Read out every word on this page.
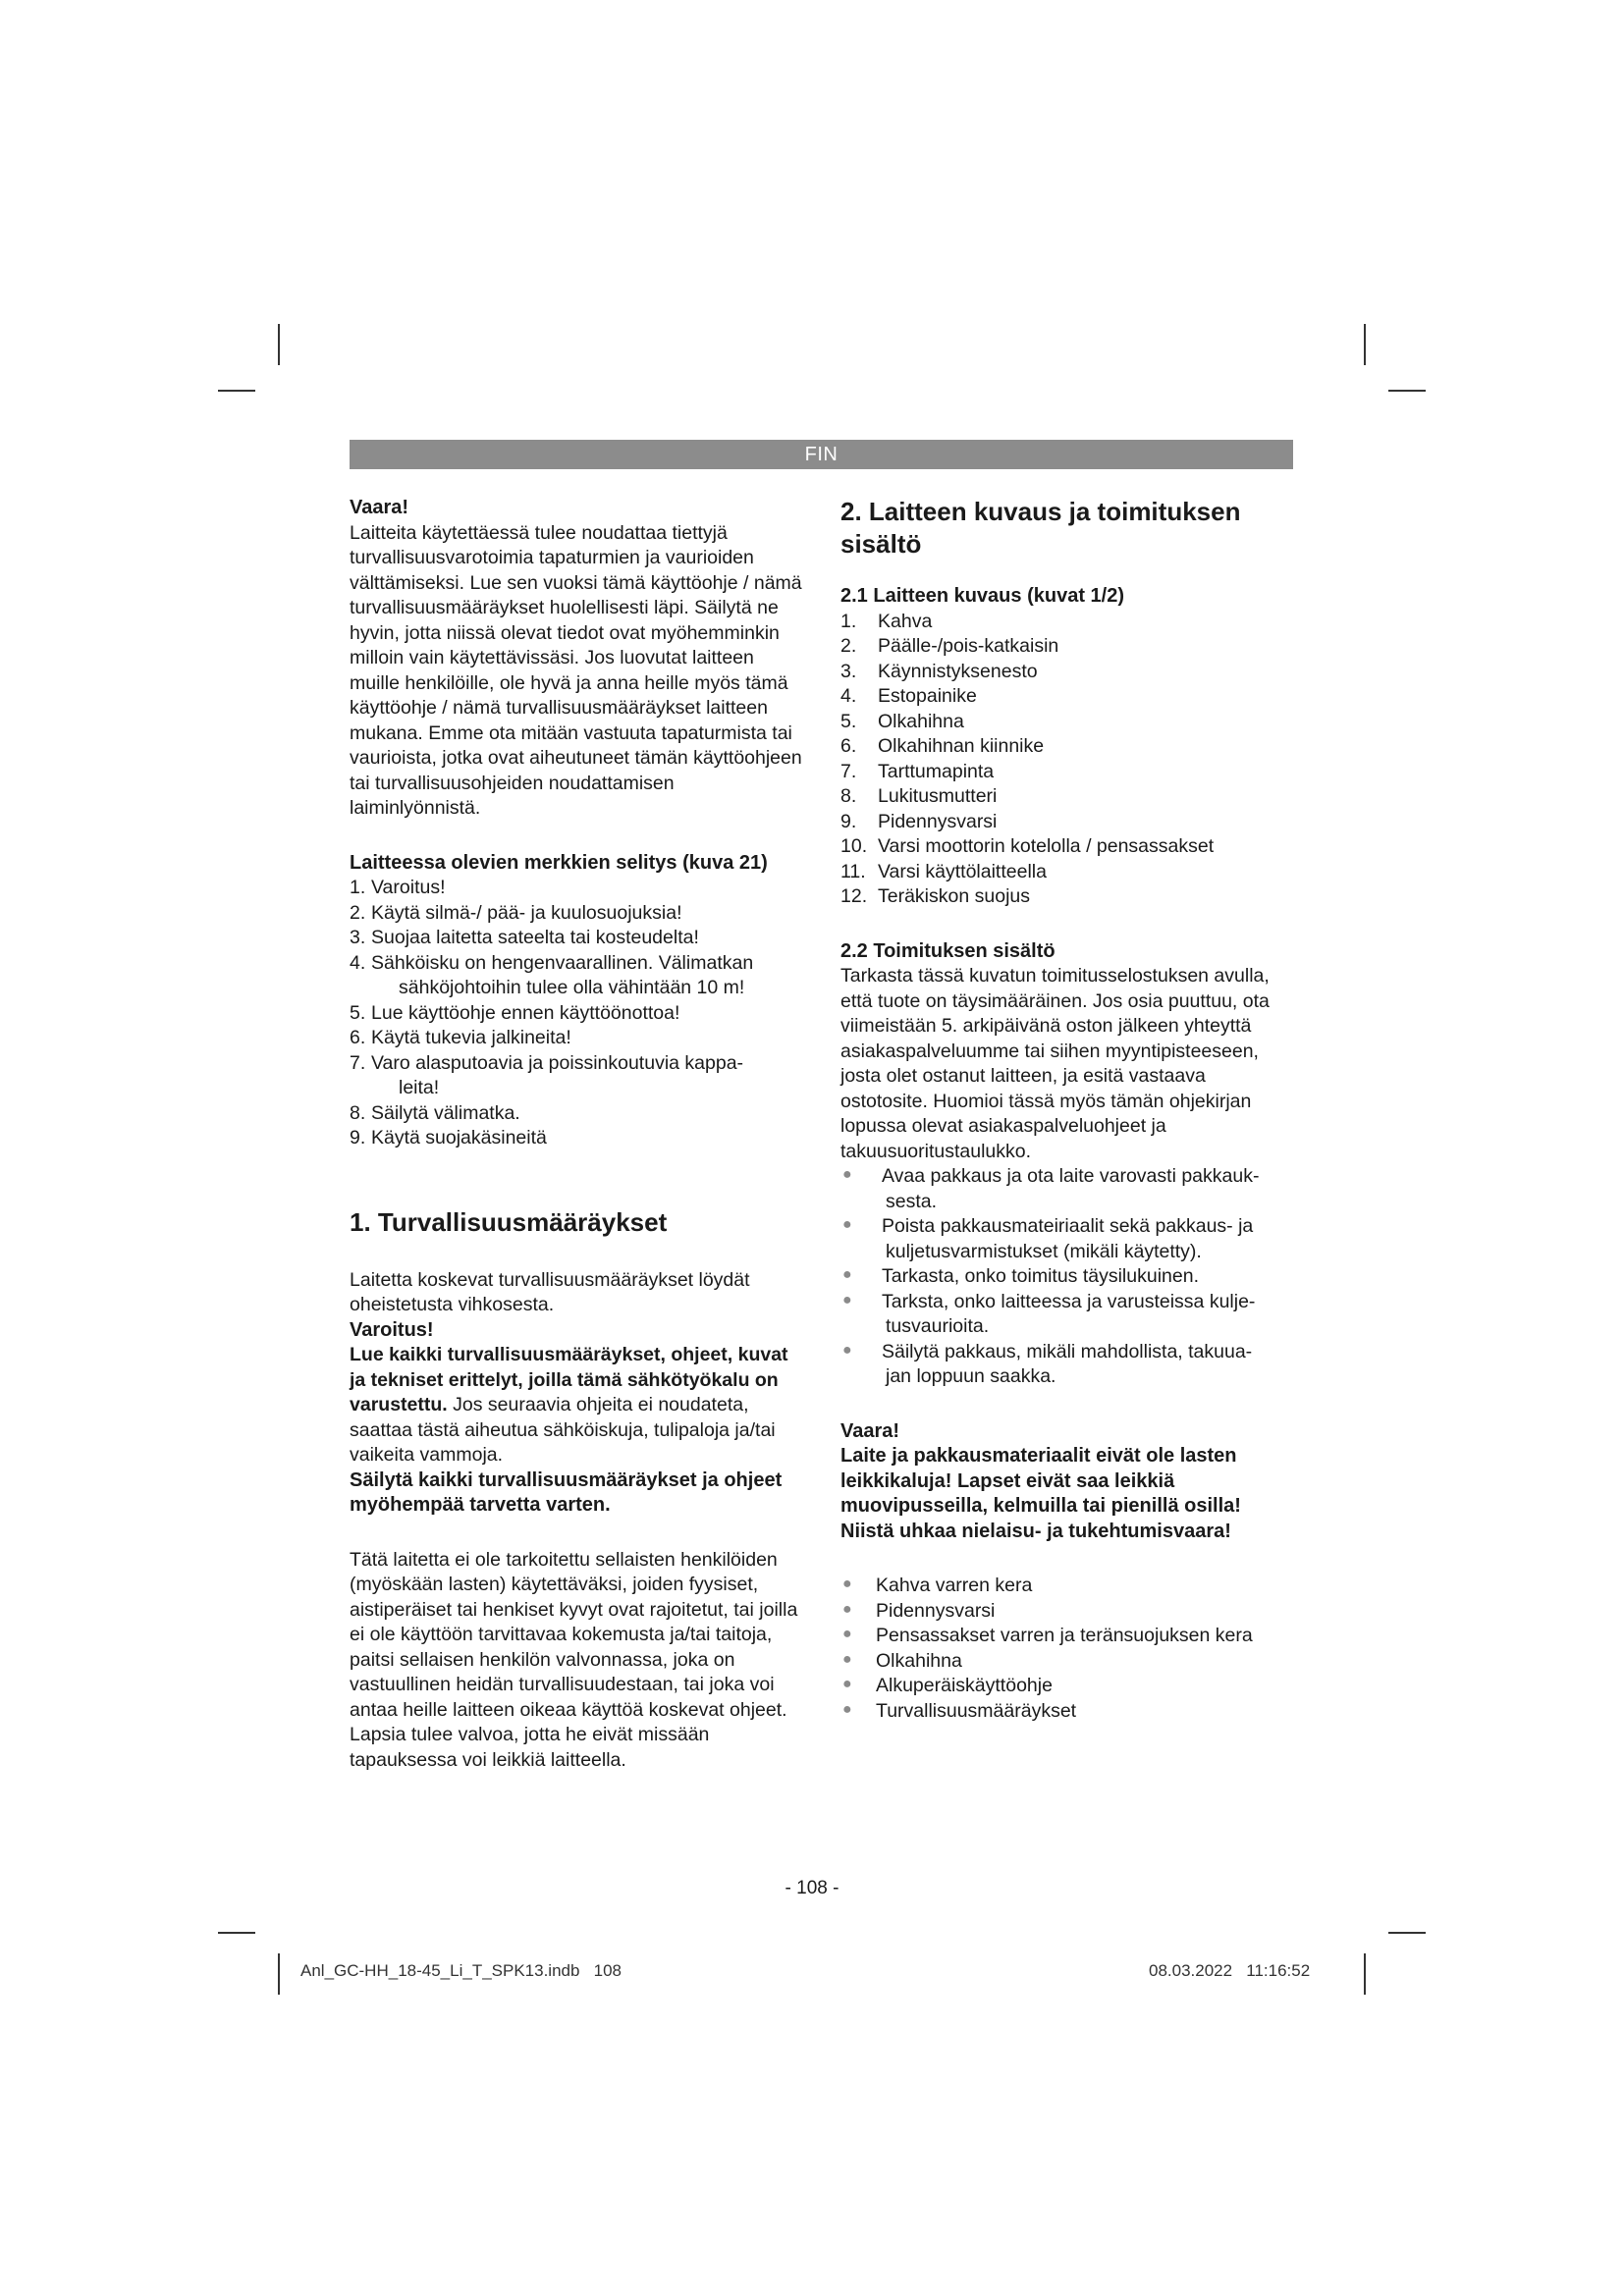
FIN

Vaara!

Laitteita käytettäessä tulee noudattaa tiettyjä turvallisuusvarotoimia tapaturmien ja vaurioiden välttämiseksi. Lue sen vuoksi tämä käyttöohje / nämä turvallisuusmääräykset huolellisesti läpi. Säilytä ne hyvin, jotta niissä olevat tiedot ovat myöhemminkin milloin vain käytettävissäsi. Jos luovutat laitteen muille henkilöille, ole hyvä ja anna heille myös tämä käyttöohje / nämä turvallisuusmääräykset laitteen mukana. Emme ota mitään vastuuta tapaturmista tai vaurioista, jotka ovat aiheutuneet tämän käyttöohjeen tai turvallisuusohjeiden noudattamisen laiminlyönnistä.

Laitteessa olevien merkkien selitys (kuva 21)

1. Varoitus!
2. Käytä silmä-/ pää- ja kuulosuojuksia!
3. Suojaa laitetta sateelta tai kosteudelta!
4. Sähköisku on hengenvaarallinen. Välimatkan
sähköjohtoihin tulee olla vähintään 10 m!
5. Lue käyttöohje ennen käyttöönottoa!
6. Käytä tukevia jalkineita!
7. Varo alasputoavia ja poissinkoutuvia kappa-
leita!
8. Säilytä välimatka.
9. Käytä suojakäsineitä

1. Turvallisuusmääräykset

Laitetta koskevat turvallisuusmääräykset löydät oheistetusta vihkosesta.

Varoitus!

Lue kaikki turvallisuusmääräykset, ohjeet, kuvat ja tekniset erittelyt, joilla tämä sähkötyökalu on varustettu. Jos seuraavia ohjeita ei noudateta, saattaa tästä aiheutua sähköiskuja, tulipaloja ja/tai vaikeita vammoja.

Säilytä kaikki turvallisuusmääräykset ja ohjeet myöhempää tarvetta varten.

Tätä laitetta ei ole tarkoitettu sellaisten henkilöiden (myöskään lasten) käytettäväksi, joiden fyysiset, aistiperäiset tai henkiset kyvyt ovat rajoitetut, tai joilla ei ole käyttöön tarvittavaa kokemusta ja/tai taitoja, paitsi sellaisen henkilön valvonnassa, joka on vastuullinen heidän turvallisuudestaan, tai joka voi antaa heille laitteen oikeaa käyttöä koskevat ohjeet. Lapsia tulee valvoa, jotta he eivät missään tapauksessa voi leikkiä laitteella.

2. Laitteen kuvaus ja toimituksen sisältö

2.1 Laitteen kuvaus (kuvat 1/2)

1. Kahva
2. Päälle-/pois-katkaisin
3. Käynnistyksenesto
4. Estopainike
5. Olkahihna
6. Olkahihnan kiinnike
7. Tarttumapinta
8. Lukitusmutteri
9. Pidennysvarsi
10. Varsi moottorin kotelolla / pensassakset
11. Varsi käyttölaitteella
12. Teräkiskon suojus

2.2 Toimituksen sisältö

Tarkasta tässä kuvatun toimitusselostuksen avulla, että tuote on täysimääräinen. Jos osia puuttuu, ota viimeistään 5. arkipäivänä oston jälkeen yhteyttä asiakaspalveluumme tai siihen myyntipisteeseen, josta olet ostanut laitteen, ja esitä vastaava ostotosite. Huomioi tässä myös tämän ohjekirjan lopussa olevat asiakaspalveluohjeet ja takuusuoritustaulukko.

● Avaa pakkaus ja ota laite varovasti pakkauk-
sesta.
● Poista pakkausmateiriaalit sekä pakkaus- ja
kuljetusvarmistukset (mikäli käytetty).
● Tarkasta, onko toimitus täysilukuinen.
● Tarksta, onko laitteessa ja varusteissa kulje-
tusvaurioita.
● Säilytä pakkaus, mikäli mahdollista, takuua-
jan loppuun saakka.

Vaara!

Laite ja pakkausmateriaalit eivät ole lasten leikkikaluja! Lapset eivät saa leikkiä muovipusseilla, kelmuilla tai pienillä osilla! Niistä uhkaa nielaisu- ja tukehtumisvaara!

● Kahva varren kera
● Pidennysvarsi
● Pensassakset varren ja teränsuojuksen kera
● Olkahihna
● Alkuperäiskäyttöohje
● Turvallisuusmääräykset
- 108 -
Anl_GC-HH_18-45_Li_T_SPK13.indb   108	08.03.2022   11:16:52
